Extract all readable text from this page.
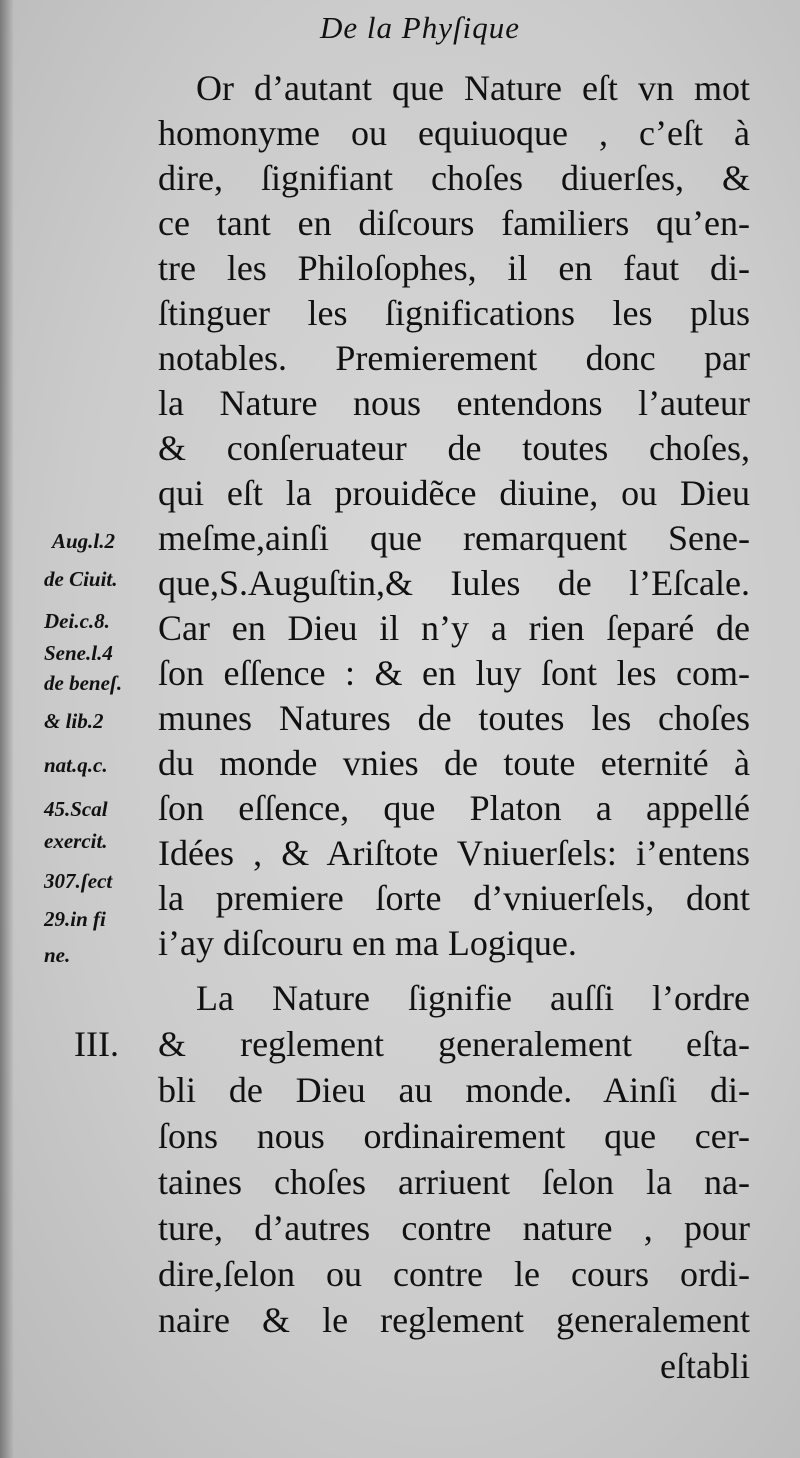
De la Phyſique
Or d’autant que Nature eſt vn mot
homonyme ou equiuoque , c’eſt à
dire, ſignifiant choſes diuerſes, &
ce tant en diſcours familiers qu’en-
tre les Philoſophes, il en faut di-
ſtinguer les ſignifications les plus
notables. Premierement donc par
la Nature nous entendons l’auteur
& conſeruateur de toutes choſes,
qui eſt la prouidẽce diuine, ou Dieu
meſme,ainſi que remarquent Sene-
que,S.Auguſtin,& Iules de l’Eſcale.
Car en Dieu il n’y a rien ſeparé de
ſon eſſence : & en luy ſont les com-
munes Natures de toutes les choſes
du monde vnies de toute eternité à
ſon eſſence, que Platon a appellé
Idées , & Ariſtote Vniuerſels: i’entens
la premiere ſorte d’vniuerſels, dont
i’ay diſcouru en ma Logique.
La Nature ſignifie auſſi l’ordre
& reglement generalement eſta-
bli de Dieu au monde. Ainſi di-
ſons nous ordinairement que cer-
taines choſes arriuent ſelon la na-
ture, d’autres contre nature , pour
dire,ſelon ou contre le cours ordi-
naire & le reglement generalement
eſtabli
Aug.l.2
de Ciuit.
Dei.c.8.
Sene.l.4
de beneſ.
& lib.2
nat.q.c.
45.Scal
exercit.
307.ſect
29.in fi
ne.
III.
